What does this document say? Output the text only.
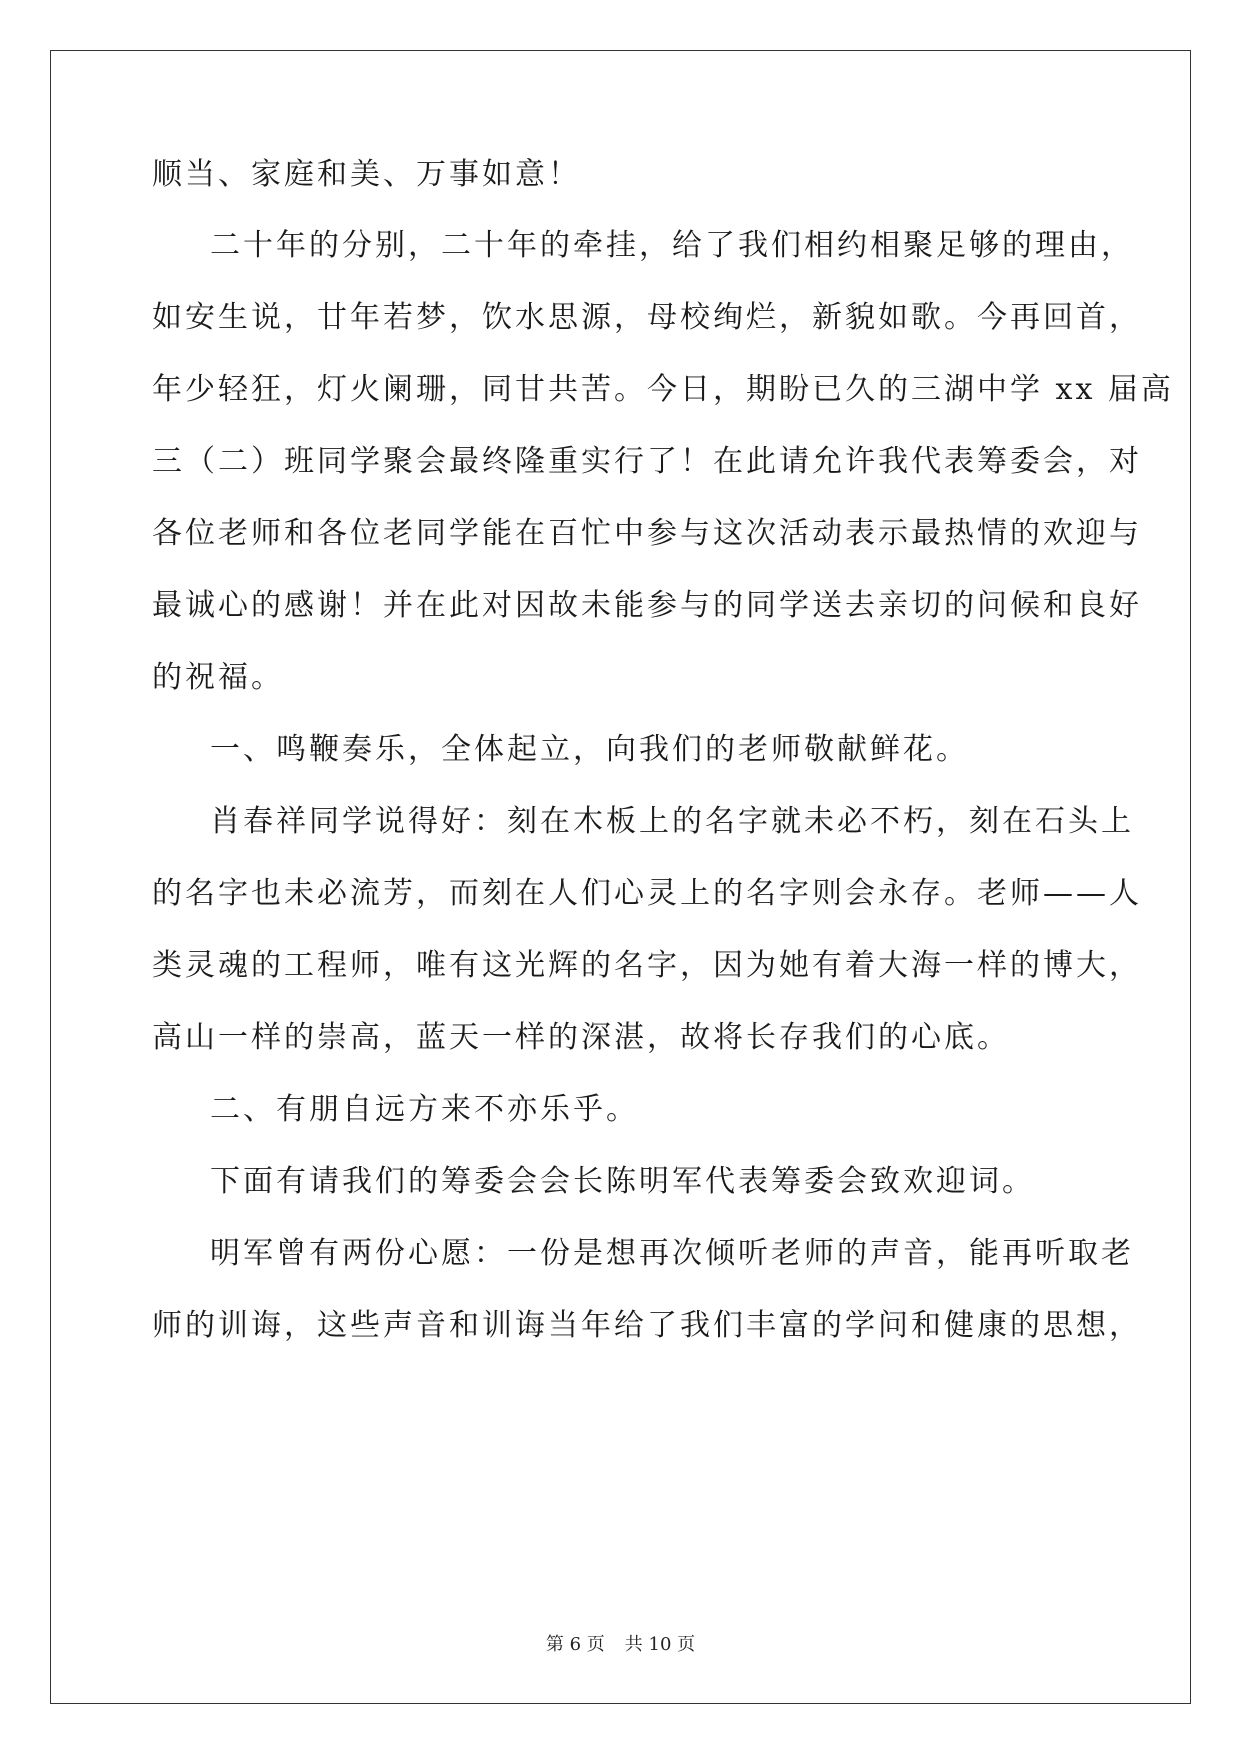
顺当、家庭和美、万事如意！

二十年的分别，二十年的牵挂，给了我们相约相聚足够的理由，

如安生说，廿年若梦，饮水思源，母校绚烂，新貌如歌。今再回首，

年少轻狂，灯火阑珊，同甘共苦。今日，期盼已久的三湖中学 xx 届高

三（二）班同学聚会最终隆重实行了！在此请允许我代表筹委会，对

各位老师和各位老同学能在百忙中参与这次活动表示最热情的欢迎与

最诚心的感谢！并在此对因故未能参与的同学送去亲切的问候和良好

的祝福。

一、鸣鞭奏乐，全体起立，向我们的老师敬献鲜花。

肖春祥同学说得好：刻在木板上的名字就未必不朽，刻在石头上

的名字也未必流芳，而刻在人们心灵上的名字则会永存。老师——人

类灵魂的工程师，唯有这光辉的名字，因为她有着大海一样的博大，

高山一样的崇高，蓝天一样的深湛，故将长存我们的心底。

二、有朋自远方来不亦乐乎。

下面有请我们的筹委会会长陈明军代表筹委会致欢迎词。

明军曾有两份心愿：一份是想再次倾听老师的声音，能再听取老

师的训诲，这些声音和训诲当年给了我们丰富的学问和健康的思想，

第 6 页 共 10 页
